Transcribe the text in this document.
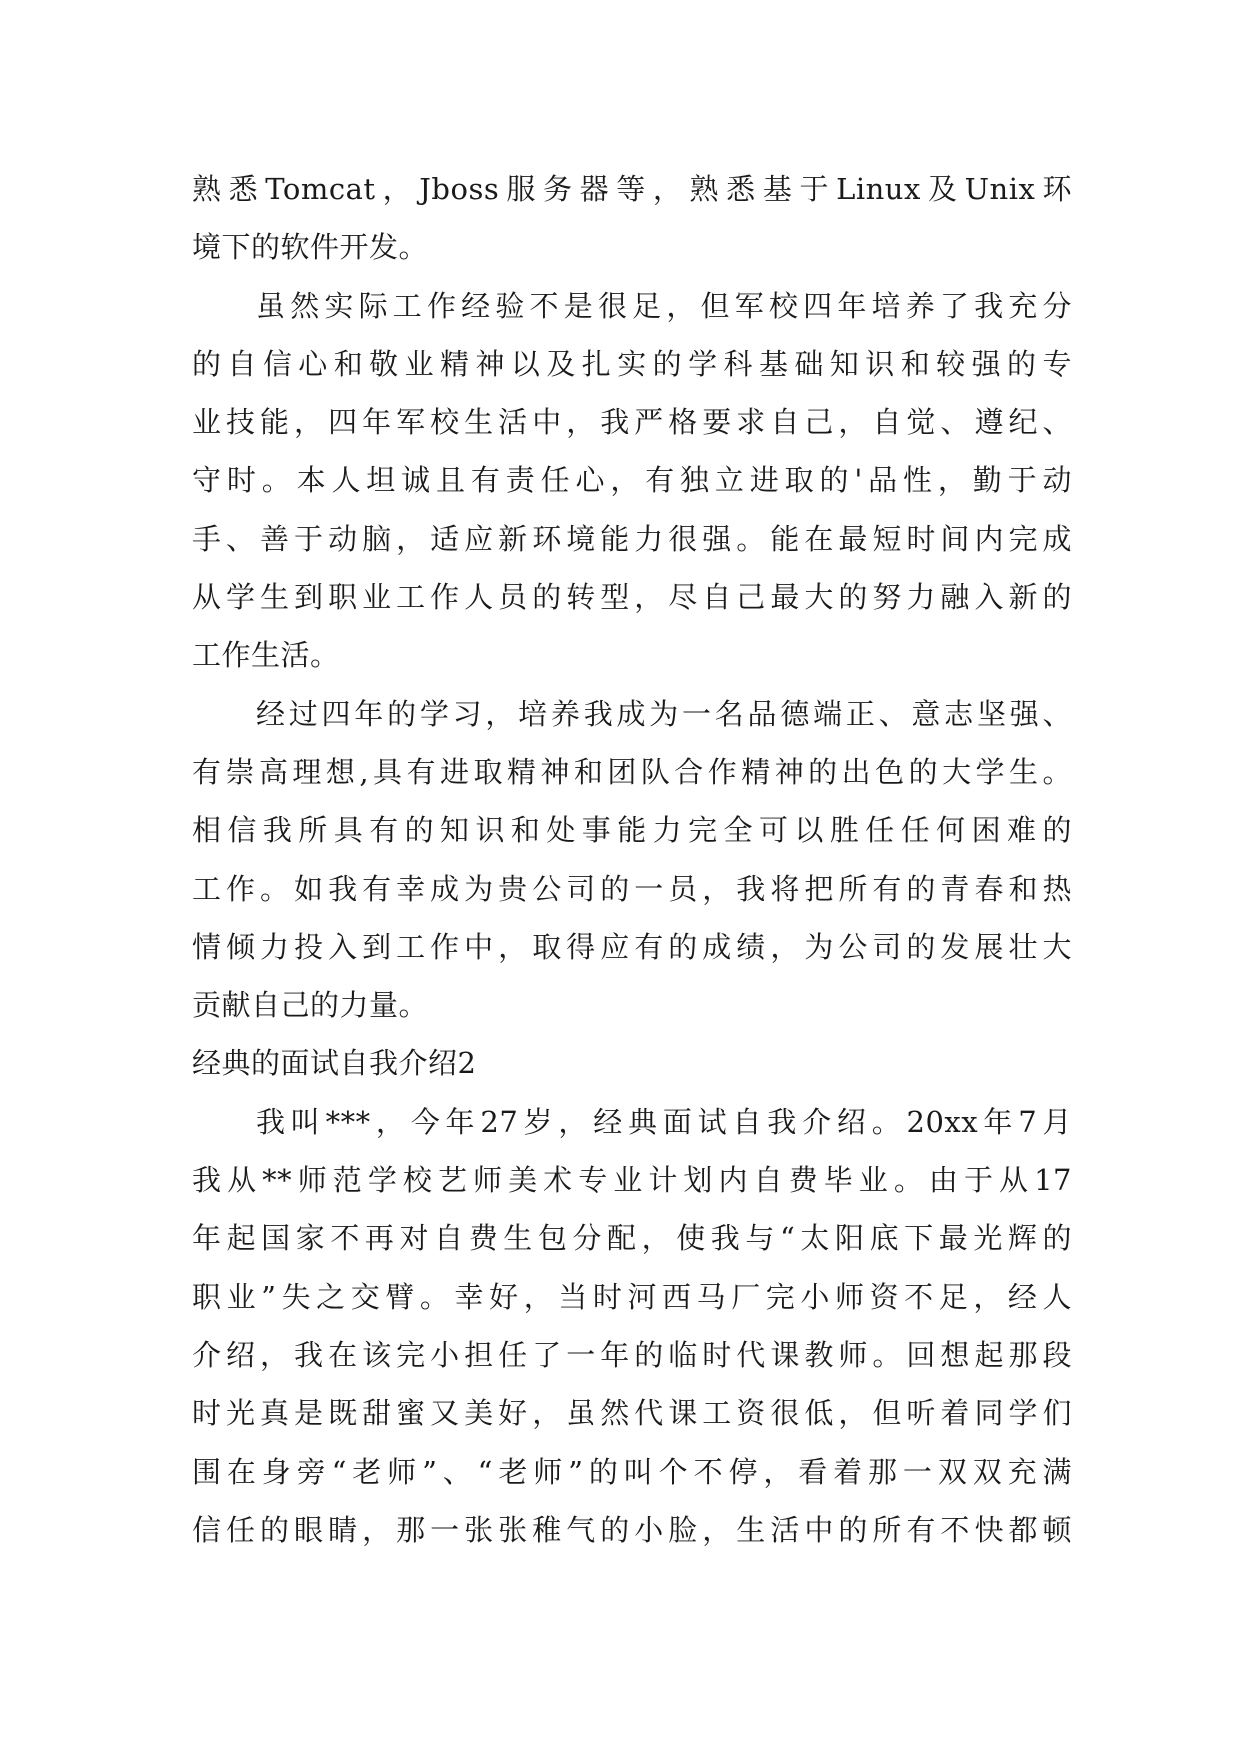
熟悉Tomcat，Jboss服务器等，熟悉基于Linux及Unix环
境下的软件开发。
虽然实际工作经验不是很足，但军校四年培养了我充分
的自信心和敬业精神以及扎实的学科基础知识和较强的专
业技能，四年军校生活中，我严格要求自己，自觉、遵纪、
守时。本人坦诚且有责任心，有独立进取的'品性，勤于动
手、善于动脑，适应新环境能力很强。能在最短时间内完成
从学生到职业工作人员的转型，尽自己最大的努力融入新的
工作生活。
经过四年的学习，培养我成为一名品德端正、意志坚强、
有崇高理想,具有进取精神和团队合作精神的出色的大学生。
相信我所具有的知识和处事能力完全可以胜任任何困难的
工作。如我有幸成为贵公司的一员，我将把所有的青春和热
情倾力投入到工作中，取得应有的成绩，为公司的发展壮大
贡献自己的力量。
经典的面试自我介绍2
我叫***，今年27岁，经典面试自我介绍。20xx年7月
我从**师范学校艺师美术专业计划内自费毕业。由于从17
年起国家不再对自费生包分配，使我与“太阳底下最光辉的
职业”失之交臂。幸好，当时河西马厂完小师资不足，经人
介绍，我在该完小担任了一年的临时代课教师。回想起那段
时光真是既甜蜜又美好，虽然代课工资很低，但听着同学们
围在身旁“老师”、“老师”的叫个不停，看着那一双双充满
信任的眼睛，那一张张稚气的小脸，生活中的所有不快都顿
